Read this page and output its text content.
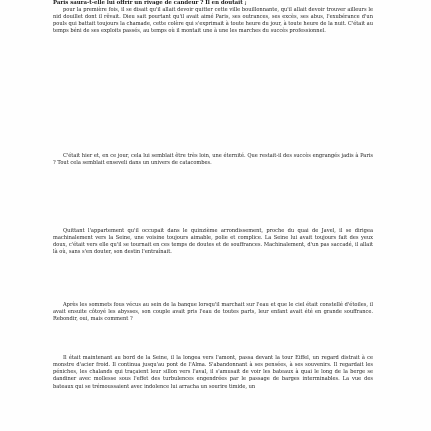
Paris saura-t-elle lui offrir un rivage de candeur ? Il en doutait ;

pour la première fois, il se disait qu'il allait devoir quitter cette ville bouillonnante, qu'il allait devoir trouver ailleurs le nid douillet dont il rêvait. Dieu sait pourtant qu'il avait aimé Paris, ses outrances, ses excès, ses abus, l'exubérance d'un pouls qui battait toujours la chamade, cette colère qui s'exprimait à toute heure du jour, à toute heure de la nuit. C'était au temps béni de ses exploits passés, au temps où il montait une à une les marches du succès professionnel.

C'était hier et, en ce jour, cela lui semblait être très loin, une éternité. Que restait-il des succès engrangés jadis à Paris ? Tout cela semblait enseveli dans un univers de catacombes.

Quittant l'appartement qu'il occupait dans le quinzième arrondissement, proche du quai de Javel, il se dirigea machinalement vers la Seine, une voisine toujours aimable, polie et complice. La Seine lui avait toujours fait des yeux doux, c'était vers elle qu'il se tournait en ces temps de doutes et de souffrances. Machinalement, d'un pas saccadé, il allait là où, sans s'en douter, son destin l'entraînait.

Après les sommets fous vécus au sein de la banque lorsqu'il marchait sur l'eau et que le ciel était constellé d'étoiles, il avait ensuite côtoyé les abysses, son couple avait pris l'eau de toutes parts, leur enfant avait été en grande souffrance. Rebondir, oui, mais comment ?

Il était maintenant au bord de la Seine, il la longea vers l'amont, passa devant la tour Eiffel, un regard distrait à ce monstre d'acier froid. Il continua jusqu'au pont de l'Alma. S'abandonnant à ses pensées, à ses souvenirs. Il regardait les péniches, les chalands qui traçaient leur sillon vers l'aval, il s'amusait de voir les bateaux à quai le long de la berge se dandiner avec mollesse sous l'effet des turbulences engendrées par le passage de barges interminables. La vue des bateaux qui se trémoussaient avec indolence lui arracha un sourire timide, un
